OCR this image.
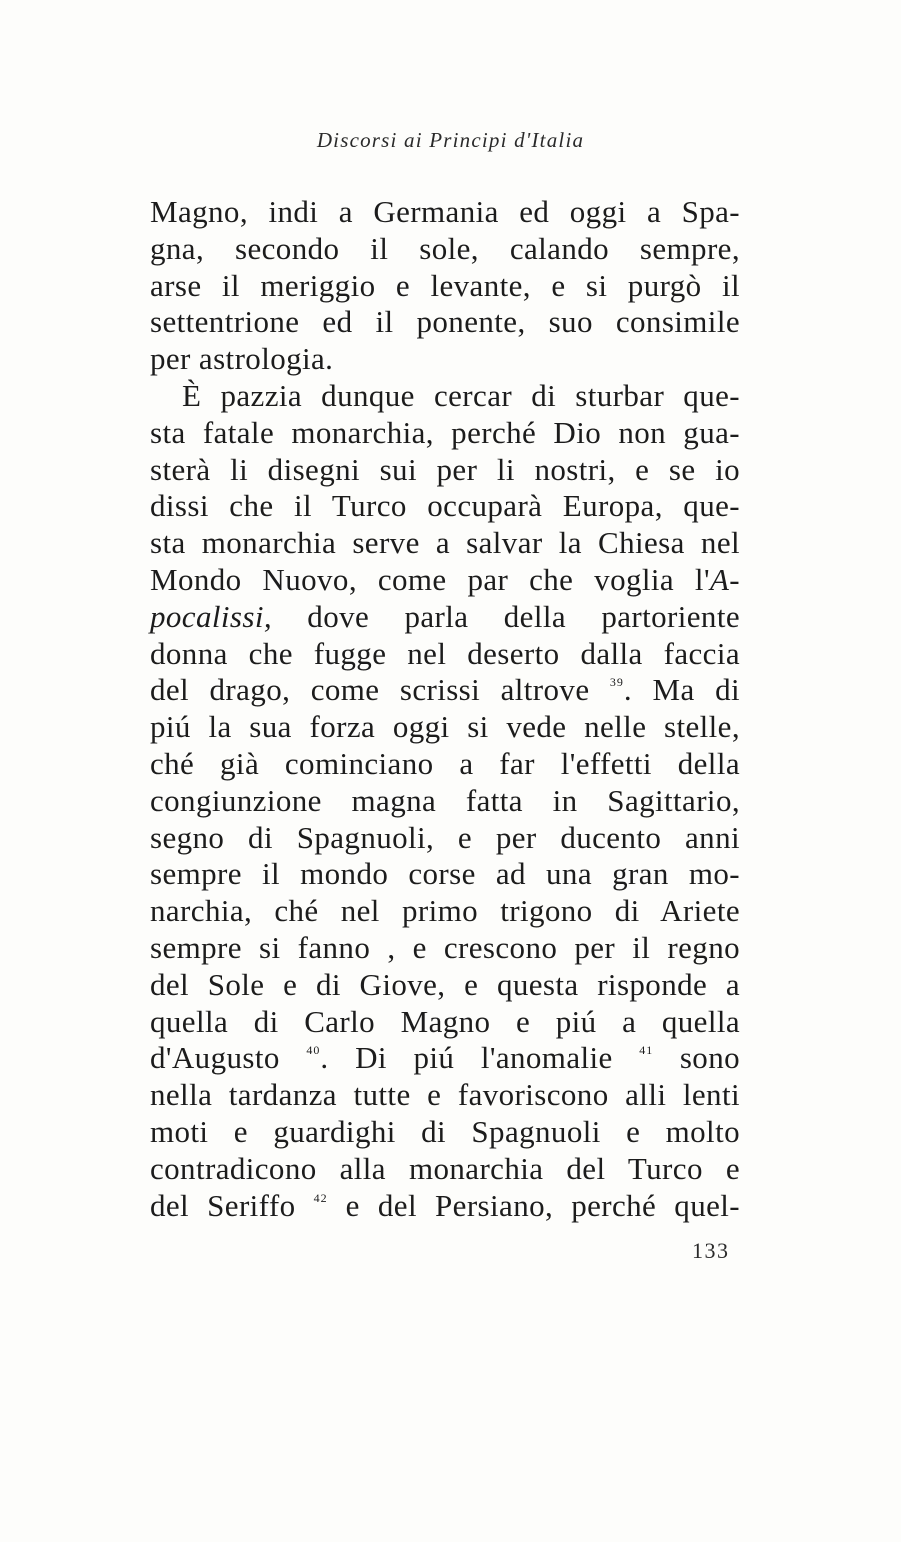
Discorsi ai Principi d'Italia
Magno, indi a Germania ed oggi a Spa-
gna, secondo il sole, calando sempre,
arse il meriggio e levante, e si purgò il
settentrione ed il ponente, suo consimile
per astrologia.
È pazzia dunque cercar di sturbar que-
sta fatale monarchia, perché Dio non gua-
sterà li disegni sui per li nostri, e se io
dissi che il Turco occuparà Europa, que-
sta monarchia serve a salvar la Chiesa nel
Mondo Nuovo, come par che voglia l'A-
pocalissi, dove parla della partoriente
donna che fugge nel deserto dalla faccia
del drago, come scrissi altrove $^{39}$. Ma di
piú la sua forza oggi si vede nelle stelle,
ché già cominciano a far l'effetti della
congiunzione magna fatta in Sagittario,
segno di Spagnuoli, e per ducento anni
sempre il mondo corse ad una gran mo-
narchia, ché nel primo trigono di Ariete
sempre si fanno , e crescono per il regno
del Sole e di Giove, e questa risponde a
quella di Carlo Magno e piú a quella
d'Augusto $^{40}$. Di piú l'anomalie $^{41}$ sono
nella tardanza tutte e favoriscono alli lenti
moti e guardighi di Spagnuoli e molto
contradicono alla monarchia del Turco e
del Seriffo $^{42}$ e del Persiano, perché quel-
133
